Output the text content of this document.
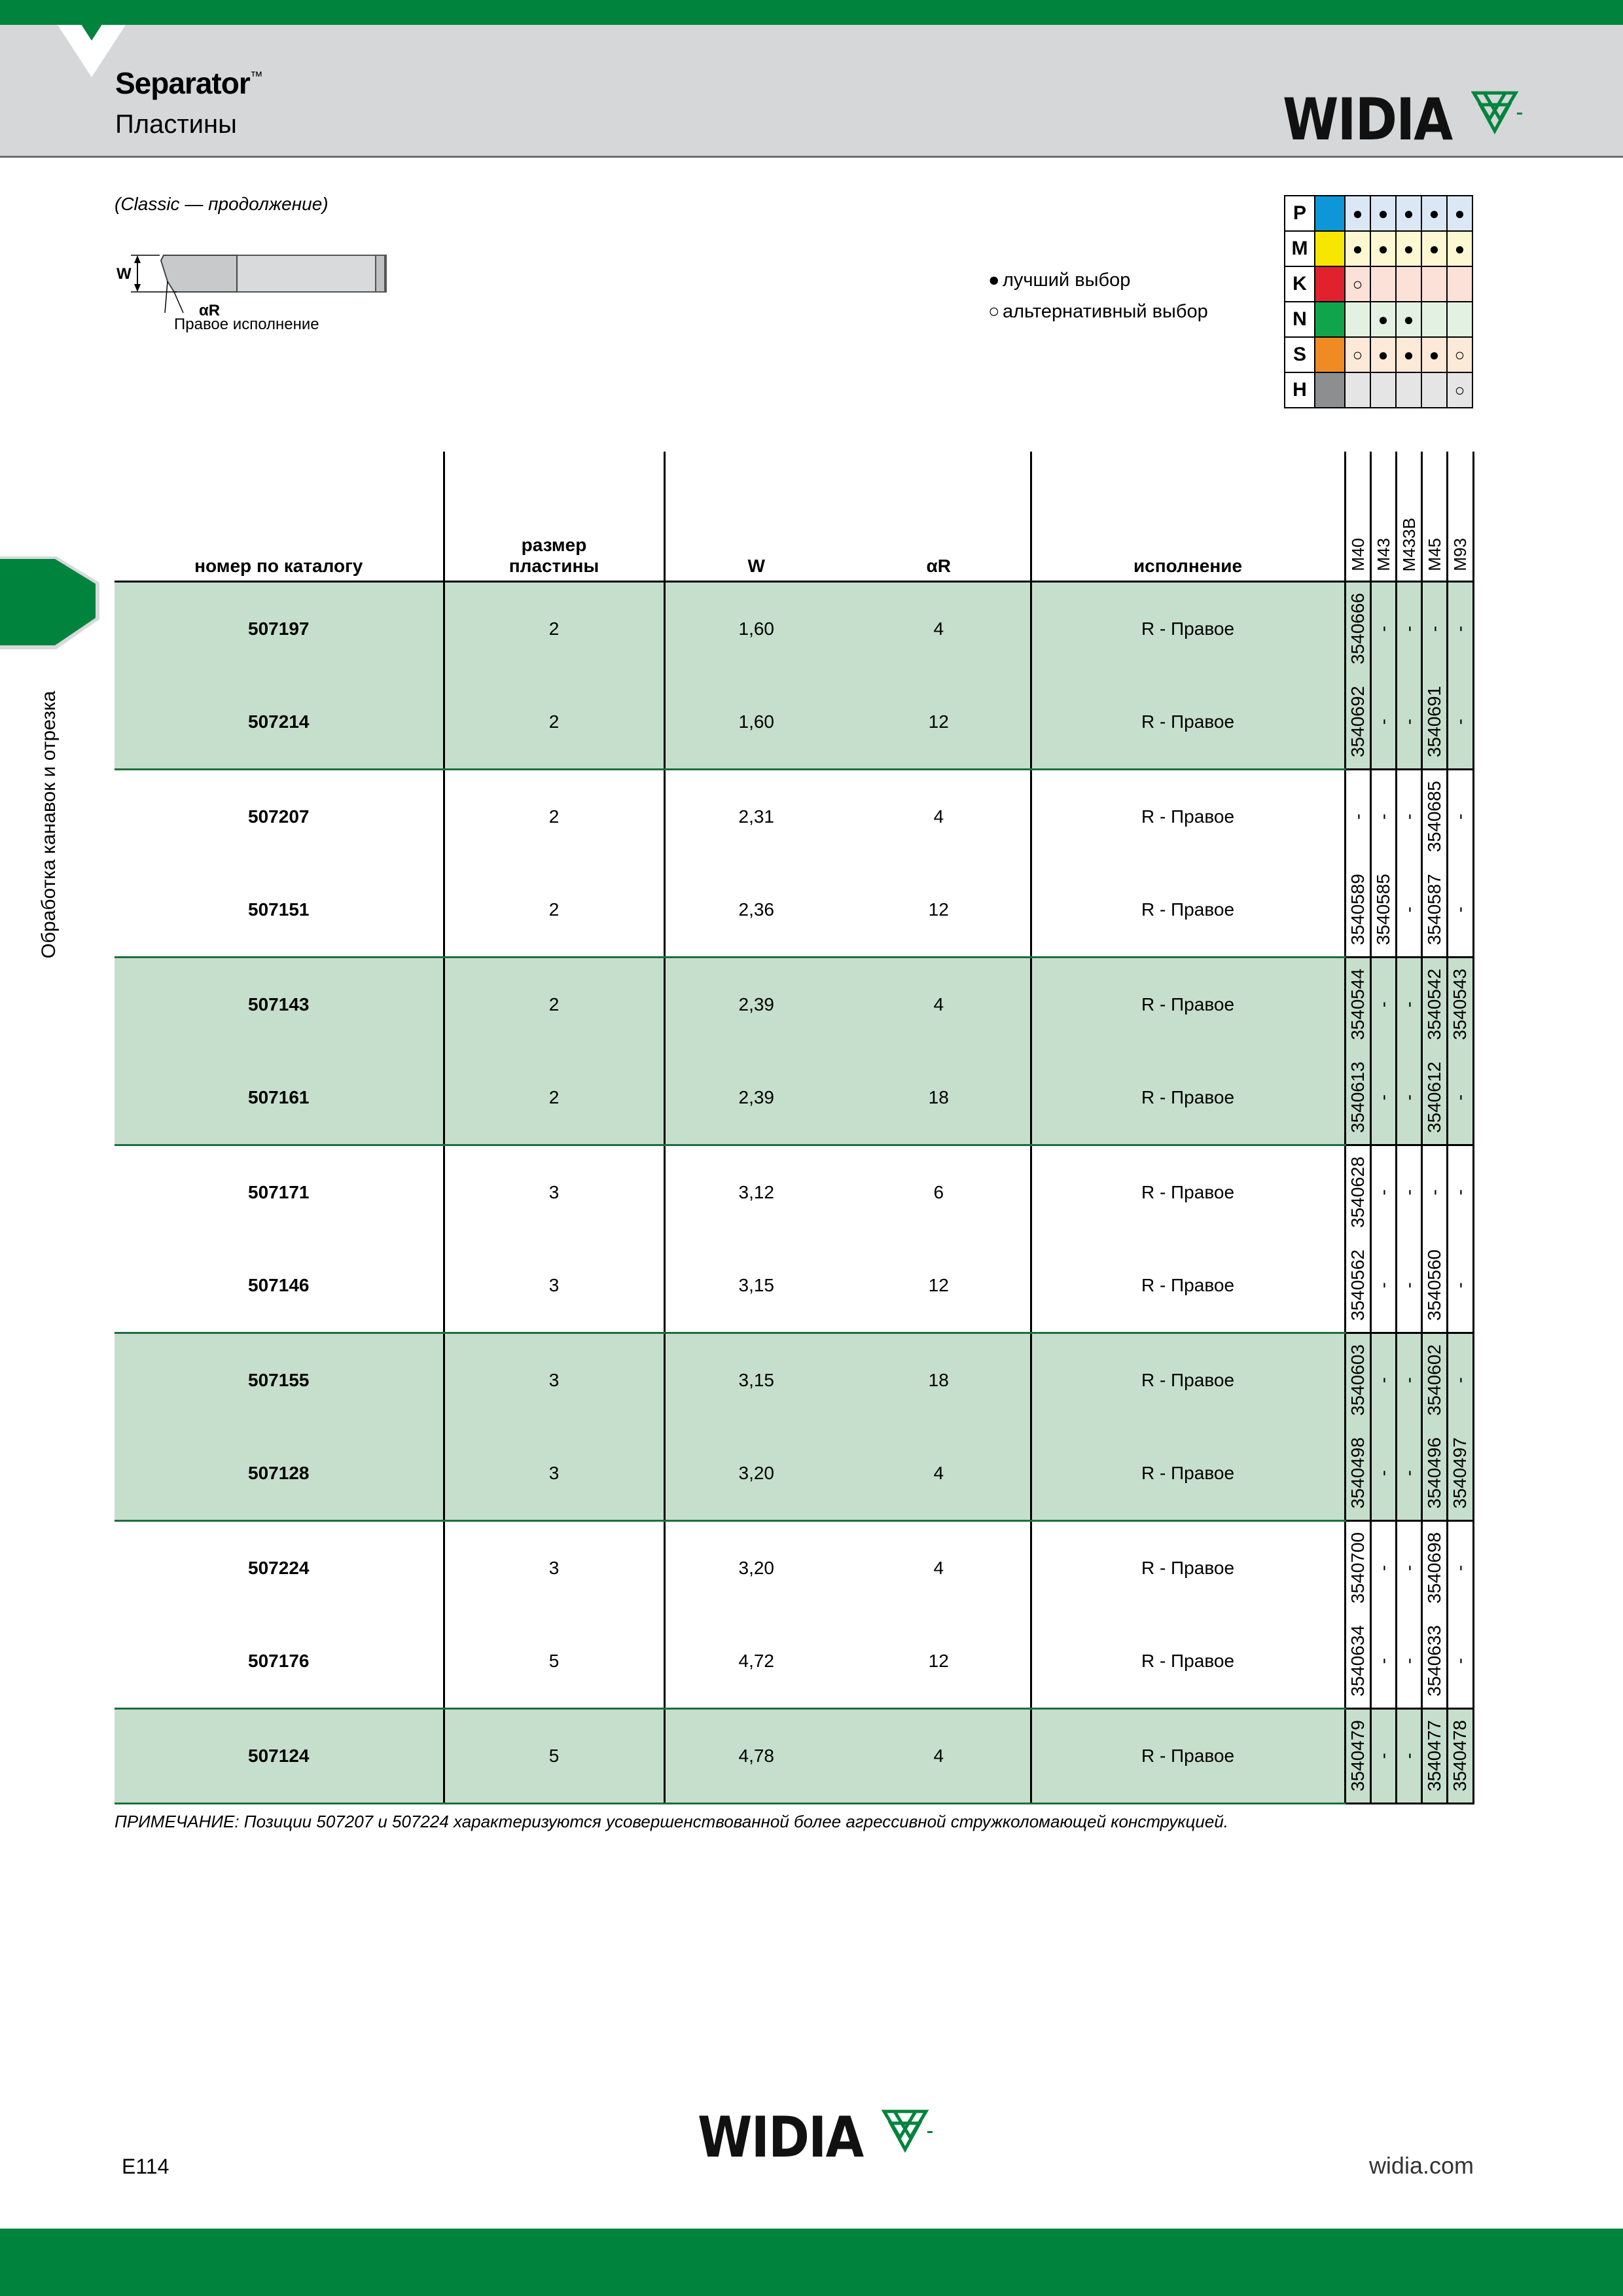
Separator™
Пластины	WIDIA
(Classic — продолжение)
W
αR
Правое исполнение
● лучший выбор
○ альтернативный выбор
P		●	●	●	●	●
M		●	●	●	●	●
K		○				
N			●	●		
S		○	●	●	●	○
H						○
номер по каталогу	размер
пластины	W	αR	исполнение	M40	M43	M433B	M45	M93

507197	2	1,60	4	R - Правое	3540666	-	-	-	-

507214	2	1,60	12	R - Правое	3540692	-	-	3540691	-

507207	2	2,31	4	R - Правое	-	-	-	3540685	-

507151	2	2,36	12	R - Правое	3540589	3540585	-	3540587	-

507143	2	2,39	4	R - Правое	3540544	-	-	3540542	3540543

507161	2	2,39	18	R - Правое	3540613	-	-	3540612	-

507171	3	3,12	6	R - Правое	3540628	-	-	-	-

507146	3	3,15	12	R - Правое	3540562	-	-	3540560	-

507155	3	3,15	18	R - Правое	3540603	-	-	3540602	-

507128	3	3,20	4	R - Правое	3540498	-	-	3540496	3540497

507224	3	3,20	4	R - Правое	3540700	-	-	3540698	-

507176	5	4,72	12	R - Правое	3540634	-	-	3540633	-

507124	5	4,78	4	R - Правое	3540479	-	-	3540477	3540478
ПРИМЕЧАНИЕ: Позиции 507207 и 507224 характеризуются усовершенствованной более агрессивной стружколомающей конструкцией.
Обработка канавок и отрезка
E114	WIDIA	widia.com
